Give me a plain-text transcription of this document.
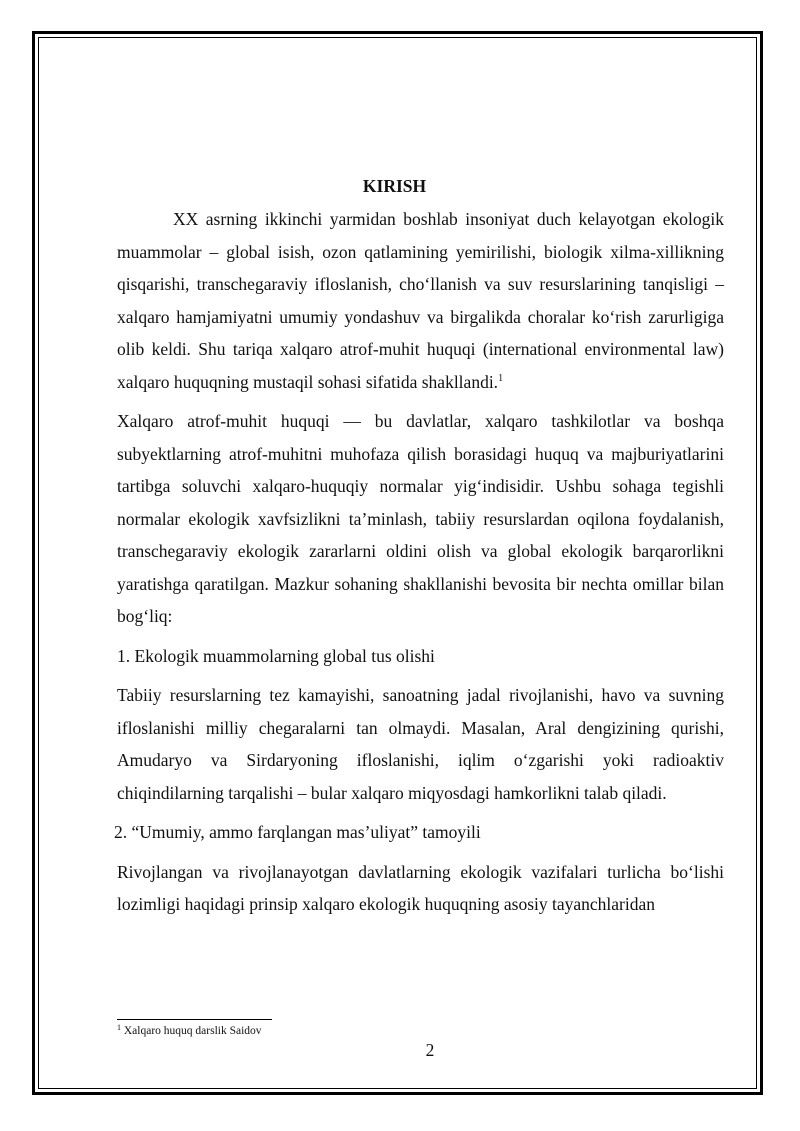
KIRISH

XX asrning ikkinchi yarmidan boshlab insoniyat duch kelayotgan ekologik muammolar – global isish, ozon qatlamining yemirilishi, biologik xilma-xillikning qisqarishi, transchegaraviy ifloslanish, cho‘llanish va suv resurslarining tanqisligi – xalqaro hamjamiyatni umumiy yondashuv va birgalikda choralar ko‘rish zarurligiga olib keldi. Shu tariqa xalqaro atrof-muhit huquqi (international environmental law) xalqaro huquqning mustaqil sohasi sifatida shakllandi.$^1$

Xalqaro atrof-muhit huquqi — bu davlatlar, xalqaro tashkilotlar va boshqa subyektlarning atrof-muhitni muhofaza qilish borasidagi huquq va majburiyatlarini tartibga soluvchi xalqaro-huquqiy normalar yig‘indisidir. Ushbu sohaga tegishli normalar ekologik xavfsizlikni ta’minlash, tabiiy resurslardan oqilona foydalanish, transchegaraviy ekologik zararlarni oldini olish va global ekologik barqarorlikni yaratishga qaratilgan. Mazkur sohaning shakllanishi bevosita bir nechta omillar bilan bog‘liq:

1. Ekologik muammolarning global tus olishi

Tabiiy resurslarning tez kamayishi, sanoatning jadal rivojlanishi, havo va suvning ifloslanishi milliy chegaralarni tan olmaydi. Masalan, Aral dengizining qurishi, Amudaryo va Sirdaryoning ifloslanishi, iqlim o‘zgarishi yoki radioaktiv chiqindilarning tarqalishi – bular xalqaro miqyosdagi hamkorlikni talab qiladi.

2. “Umumiy, ammo farqlangan mas’uliyat” tamoyili

Rivojlangan va rivojlanayotgan davlatlarning ekologik vazifalari turlicha bo‘lishi lozimligi haqidagi prinsip xalqaro ekologik huquqning asosiy tayanchlaridan

$^1$ Xalqaro huquq darslik Saidov
2
